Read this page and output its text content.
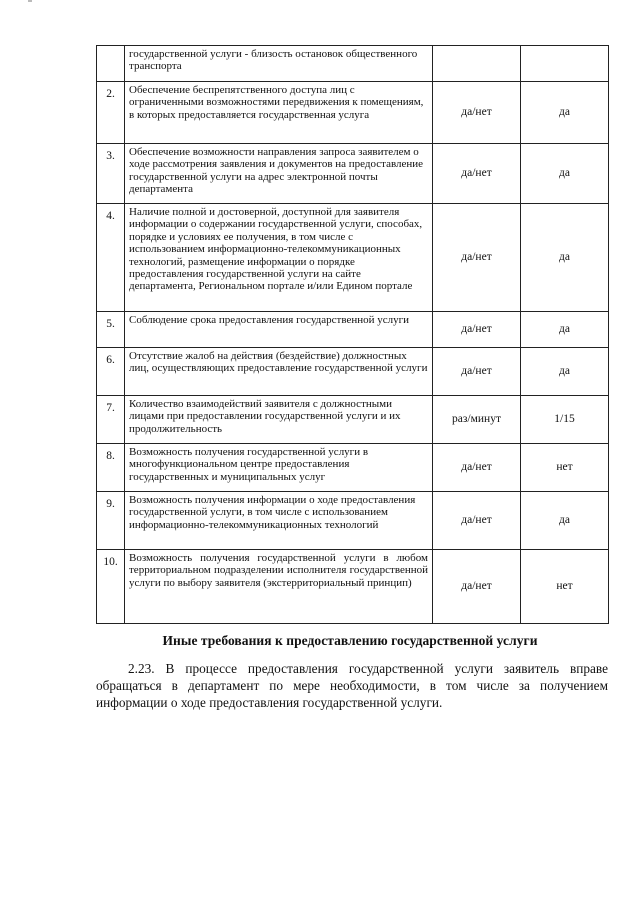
	государственной услуги - близость остановок общественного транспорта		
2.	Обеспечение беспрепятственного доступа лиц с ограниченными возможностями передвижения к помещениям, в которых предоставляется государственная услуга	да/нет	да
3.	Обеспечение возможности направления запроса заявителем о ходе рассмотрения заявления и документов на предоставление государственной услуги на адрес электронной почты департамента	да/нет	да
4.	Наличие полной и достоверной, доступной для заявителя информации о содержании государственной услуги, способах, порядке и условиях ее получения, в том числе с использованием информационно-телекоммуникационных технологий, размещение информации о порядке предоставления государственной услуги на сайте департамента, Региональном портале и/или Едином портале	да/нет	да
5.	Соблюдение срока предоставления государственной услуги	да/нет	да
6.	Отсутствие жалоб на действия (бездействие) должностных лиц, осуществляющих предоставление государственной услуги	да/нет	да
7.	Количество взаимодействий заявителя с должностными лицами при предоставлении государственной услуги и их продолжительность	раз/минут	1/15
8.	Возможность получения государственной услуги в многофункциональном центре предоставления государственных и муниципальных услуг	да/нет	нет
9.	Возможность получения информации о ходе предоставления государственной услуги, в том числе с использованием информационно-телекоммуникационных технологий	да/нет	да
10.	Возможность получения государственной услуги в любом территориальном подразделении исполнителя государственной услуги по выбору заявителя (экстерриториальный принцип)	да/нет	нет
Иные требования к предоставлению государственной услуги
2.23. В процессе предоставления государственной услуги заявитель вправе обращаться в департамент по мере необходимости, в том числе за получением информации о ходе предоставления государственной услуги.
